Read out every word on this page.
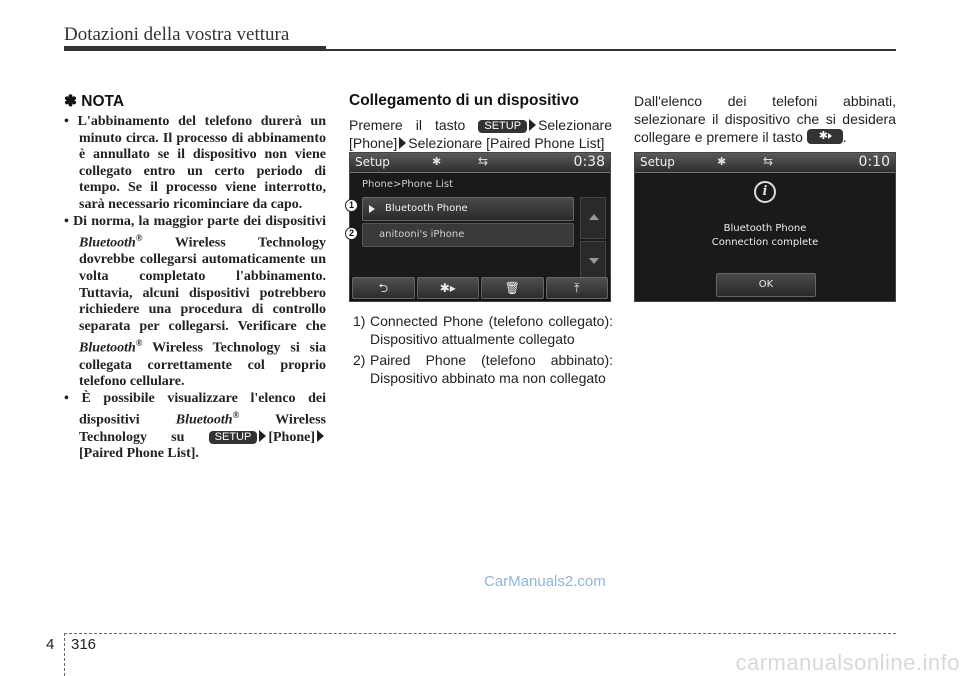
Dotazioni della vostra vettura
✽ NOTA
• L'abbinamento del telefono durerà un minuto circa. Il processo di abbinamento è annullato se il dispositivo non viene collegato entro un certo periodo di tempo. Se il processo viene interrotto, sarà necessario ricominciare da capo.
• Di norma, la maggior parte dei dispositivi Bluetooth® Wireless Technology dovrebbe collegarsi automaticamente un volta completato l'abbinamento. Tuttavia, alcuni dispositivi potrebbero richiedere una procedura di controllo separata per collegarsi. Verificare che Bluetooth® Wireless Technology si sia collegata correttamente col proprio telefono cellulare.
• È possibile visualizzare l'elenco dei dispositivi Bluetooth® Wireless Technology su SETUP [Phone][Paired Phone List].
Collegamento di un dispositivo
Premere il tasto SETUP Selezionare [Phone] Selezionare [Paired Phone List]
Setup	✱	⇆	0:38
Phone>Phone List
Bluetooth Phone
anitooni's iPhone
⮌	✱▸	🗑	⤒
1
2
1) Connected Phone (telefono collegato): Dispositivo attualmente collegato
2) Paired Phone (telefono abbinato): Dispositivo abbinato ma non collegato
Dall'elenco dei telefoni abbinati, selezionare il dispositivo che si desidera collegare e premere il tasto ✱ .
Setup	✱	⇆	0:10
i
Bluetooth Phone
Connection complete
OK
CarManuals2.com
4 316
carmanualsonline.info
